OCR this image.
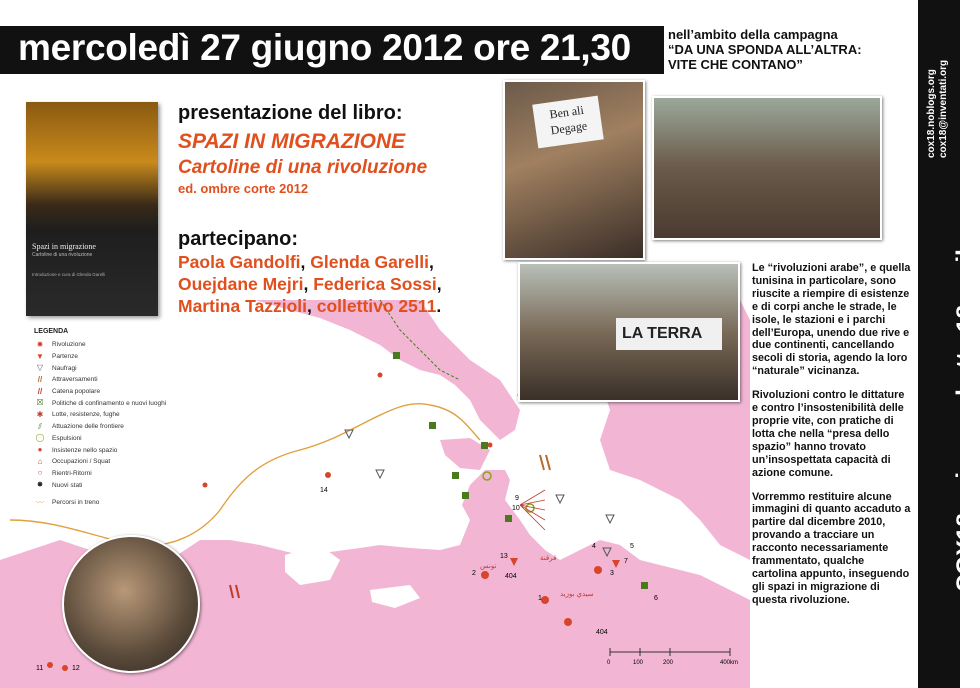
1
2	3
4	5
6
7
9
10
11	12
13
14
قرقنة
تونس
سيدي بوزيد
404
404
0	100	200	400km
mercoledì 27 giugno 2012 ore 21,30	nell’ambito della campagna
“DA UNA SPONDA ALL’ALTRA:
VITE CHE CONTANO”
cox18.noblogs.org cox18@inventati.org
c.s.o.a. COX18 - via conchetta 18 - milano
Spazi in migrazione
Cartoline di una rivoluzione
Introduzione e cura di Glenda Garelli
presentazione del libro:
SPAZI IN MIGRAZIONE
Cartoline di una rivoluzione
ed. ombre corte 2012
partecipano:
Paola Gandolfi, Glenda Garelli,
Ouejdane Mejri, Federica Sossi,
Martina Tazzioli, collettivo 2511.
Ben ali
Degage
LA TERRA
LEGENDA
✹	Rivoluzione
▼	Partenze
▽	Naufragi
//	Attraversamenti
//	Catena popolare
☒	Politiche di confinamento e nuovi luoghi
✱	Lotte, resistenze, fughe
⫽	Attuazione delle frontiere
◯ Espulsioni
●	Insistenze nello spazio
⌂	Occupazioni / Squat
○	Rientri-Ritorni
✸	Nuovi stati
〰	Percorsi in treno

Le “rivoluzioni arabe”, e quella tunisina in particolare, sono riuscite a riempire di esistenze e di corpi anche le strade, le isole, le stazioni e i parchi dell’Europa, unendo due rive e due continenti, cancellando secoli di storia, agendo la loro “naturale” vicinanza.

Rivoluzioni contro le dittature e contro l’insostenibilità delle proprie vite, con pratiche di lotta che nella “presa dello spazio” hanno trovato un’insospettata capacità di azione comune.

Vorremmo restituire alcune immagini di quanto accaduto a partire dal dicembre 2010, provando a tracciare un racconto necessariamente frammentato, qualche cartolina appunto, inseguendo gli spazi in migrazione di questa rivoluzione.
